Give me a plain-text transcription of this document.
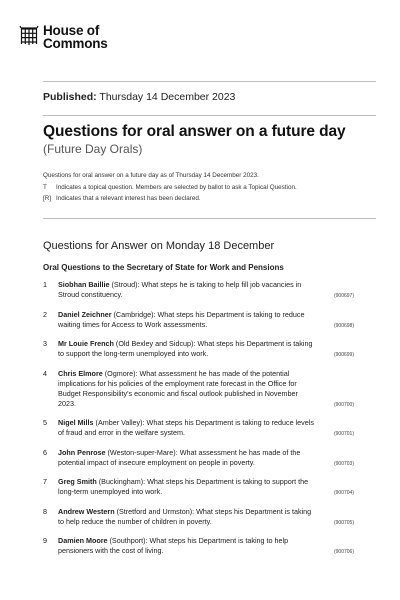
House of
Commons
Published: Thursday 14 December 2023
Questions for oral answer on a future day
(Future Day Orals)
Questions for oral answer on a future day as of Thursday 14 December 2023.
T	Indicates a topical question. Members are selected by ballot to ask a Topical Question.
[R] Indicates that a relevant interest has been declared.
Questions for Answer on Monday 18 December
Oral Questions to the Secretary of State for Work and Pensions
1	Siobhan Baillie (Stroud): What steps he is taking to help fill job vacancies in Stroud constituency.	(900697)
2	Daniel Zeichner (Cambridge): What steps his Department is taking to reduce waiting times for Access to Work assessments.	(900698)
3	Mr Louie French (Old Bexley and Sidcup): What steps his Department is taking to support the long-term unemployed into work.	(900699)
4	Chris Elmore (Ogmore): What assessment he has made of the potential implications for his policies of the employment rate forecast in the Office for Budget Responsibility's economic and fiscal outlook published in November 2023.	(900700)
5	Nigel Mills (Amber Valley): What steps his Department is taking to reduce levels of fraud and error in the welfare system.	(900701)
6	John Penrose (Weston-super-Mare): What assessment he has made of the potential impact of insecure employment on people in poverty.	(900703)
7	Greg Smith (Buckingham): What steps his Department is taking to support the long-term unemployed into work.	(900704)
8	Andrew Western (Stretford and Urmston): What steps his Department is taking to help reduce the number of children in poverty.	(900705)
9	Damien Moore (Southport): What steps his Department is taking to help pensioners with the cost of living.	(900706)
